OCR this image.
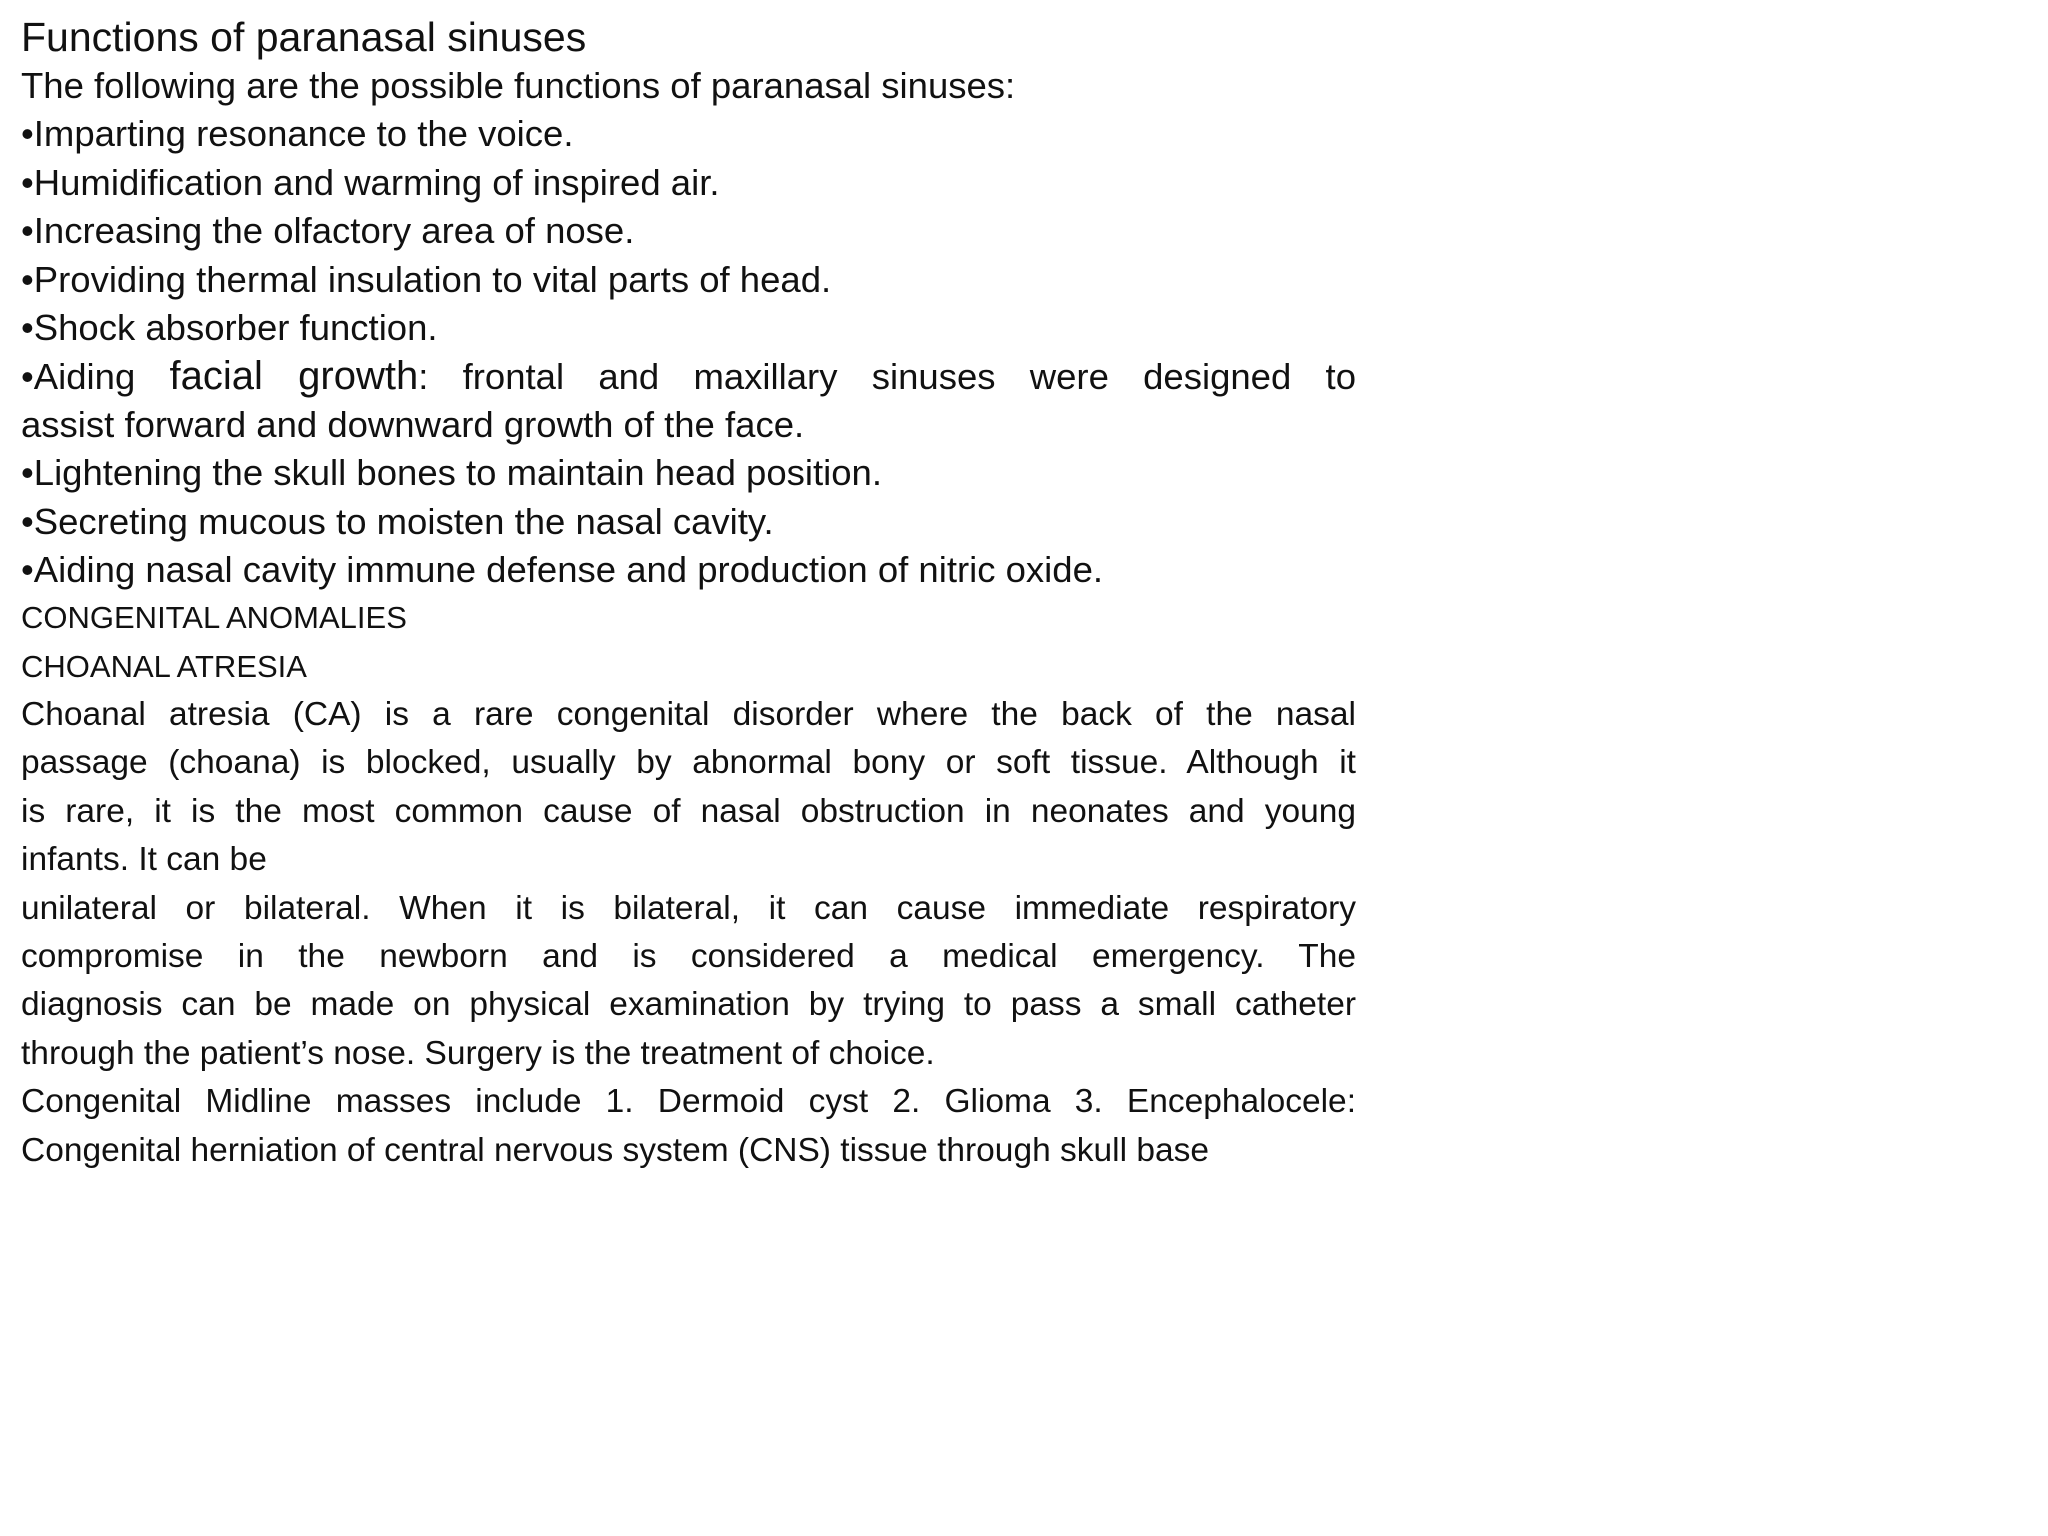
Functions of paranasal sinuses
The following are the possible functions of paranasal sinuses:
•Imparting resonance to the voice.
•Humidification and warming of inspired air.
•Increasing the olfactory area of nose.
•Providing thermal insulation to vital parts of head.
•Shock absorber function.
•Aiding facial growth: frontal and maxillary sinuses were designed to
assist forward and downward growth of the face.
•Lightening the skull bones to maintain head position.
•Secreting mucous to moisten the nasal cavity.
•Aiding nasal cavity immune defense and production of nitric oxide.
CONGENITAL ANOMALIES
CHOANAL ATRESIA
Choanal atresia (CA) is a rare congenital disorder where the back of the nasal
passage (choana) is blocked, usually by abnormal bony or soft tissue. Although it
is rare, it is the most common cause of nasal obstruction in neonates and young
infants. It can be
unilateral or bilateral. When it is bilateral, it can cause immediate respiratory
compromise in the newborn and is considered a medical emergency. The
diagnosis can be made on physical examination by trying to pass a small catheter
through the patient’s nose. Surgery is the treatment of choice.
Congenital Midline masses include 1. Dermoid cyst 2. Glioma 3. Encephalocele:
Congenital herniation of central nervous system (CNS) tissue through skull base
